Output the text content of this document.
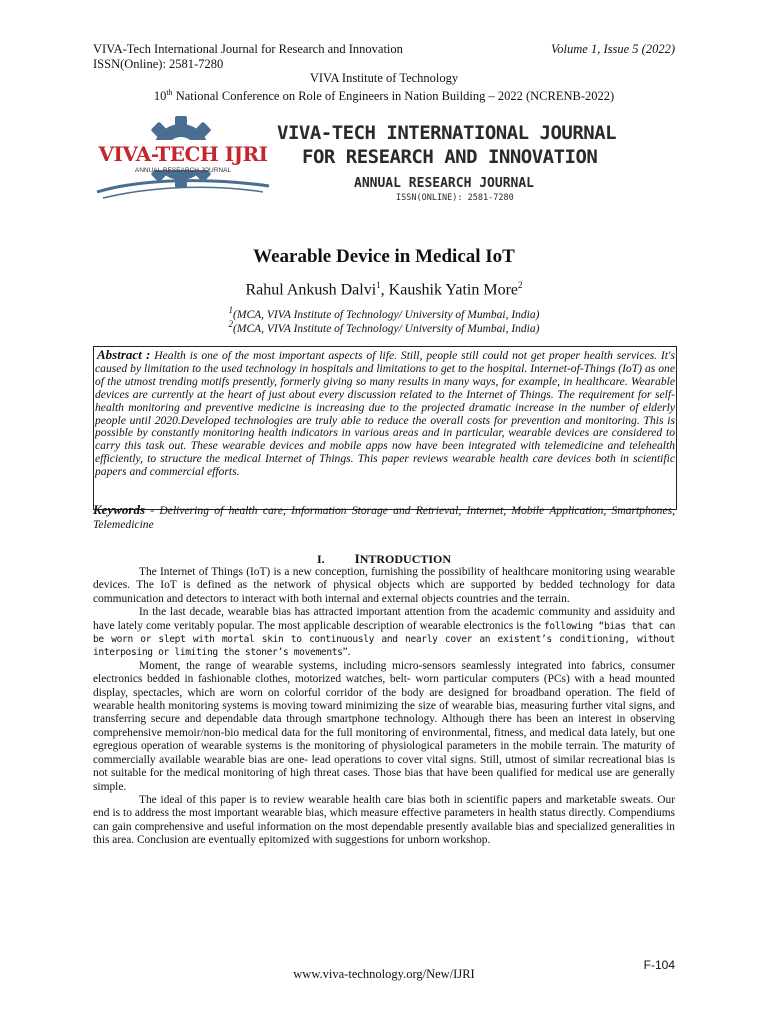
VIVA-Tech International Journal for Research and Innovation
ISSN(Online): 2581-7280
Volume 1, Issue 5 (2022)
VIVA Institute of Technology
10th National Conference on Role of Engineers in Nation Building – 2022 (NCRENB-2022)
VIVA-TECH IJRI
ANNUAL RESEARCH JOURNAL
VIVA-TECH INTERNATIONAL JOURNAL
FOR RESEARCH AND INNOVATION
ANNUAL RESEARCH JOURNAL
ISSN(ONLINE): 2581-7280
Wearable Device in Medical IoT
Rahul Ankush Dalvi$^1$, Kaushik Yatin More$^2$
$^1$(MCA, VIVA Institute of Technology/ University of Mumbai, India)
$^2$(MCA, VIVA Institute of Technology/ University of Mumbai, India)
Abstract : Health is one of the most important aspects of life. Still, people still could not get proper health services. It's caused by limitation to the used technology in hospitals and limitations to get to the hospital. Internet-of-Things (IoT) as one of the utmost trending motifs presently, formerly giving so many results in many ways, for example, in healthcare. Wearable devices are currently at the heart of just about every discussion related to the Internet of Things. The requirement for self-health monitoring and preventive medicine is increasing due to the projected dramatic increase in the number of elderly people until 2020.Developed technologies are truly able to reduce the overall costs for prevention and monitoring. This is possible by constantly monitoring health indicators in various areas and in particular, wearable devices are considered to carry this task out. These wearable devices and mobile apps now have been integrated with telemedicine and telehealth efficiently, to structure the medical Internet of Things. This paper reviews wearable health care devices both in scientific papers and commercial efforts.
Keywords - Delivering of health care, Information Storage and Retrieval, Internet, Mobile Application, Smartphones, Telemedicine
I. INTRODUCTION

The Internet of Things (IoT) is a new conception, furnishing the possibility of healthcare monitoring using wearable devices. The IoT is defined as the network of physical objects which are supported by bedded technology for data communication and detectors to interact with both internal and external objects countries and the terrain.

In the last decade, wearable bias has attracted important attention from the academic community and assiduity and have lately come veritably popular. The most applicable description of wearable electronics is the following “bias that can be worn or slept with mortal skin to continuously and nearly cover an existent’s conditioning, without interposing or limiting the stoner’s movements”.

Moment, the range of wearable systems, including micro-sensors seamlessly integrated into fabrics, consumer electronics bedded in fashionable clothes, motorized watches, belt- worn particular computers (PCs) with a head mounted display, spectacles, which are worn on colorful corridor of the body are designed for broadband operation. The field of wearable health monitoring systems is moving toward minimizing the size of wearable bias, measuring further vital signs, and transferring secure and dependable data through smartphone technology. Although there has been an interest in observing comprehensive memoir/non-bio medical data for the full monitoring of environmental, fitness, and medical data lately, but one egregious operation of wearable systems is the monitoring of physiological parameters in the mobile terrain. The maturity of commercially available wearable bias are one- lead operations to cover vital signs. Still, utmost of similar recreational bias is not suitable for the medical monitoring of high threat cases. Those bias that have been qualified for medical use are generally simple.

The ideal of this paper is to review wearable health care bias both in scientific papers and marketable sweats. Our end is to address the most important wearable bias, which measure effective parameters in health status directly. Compendiums can gain comprehensive and useful information on the most dependable presently available bias and specialized generalities in this area. Conclusion are eventually epitomized with suggestions for unborn workshop.

F-104
www.viva-technology.org/New/IJRI
